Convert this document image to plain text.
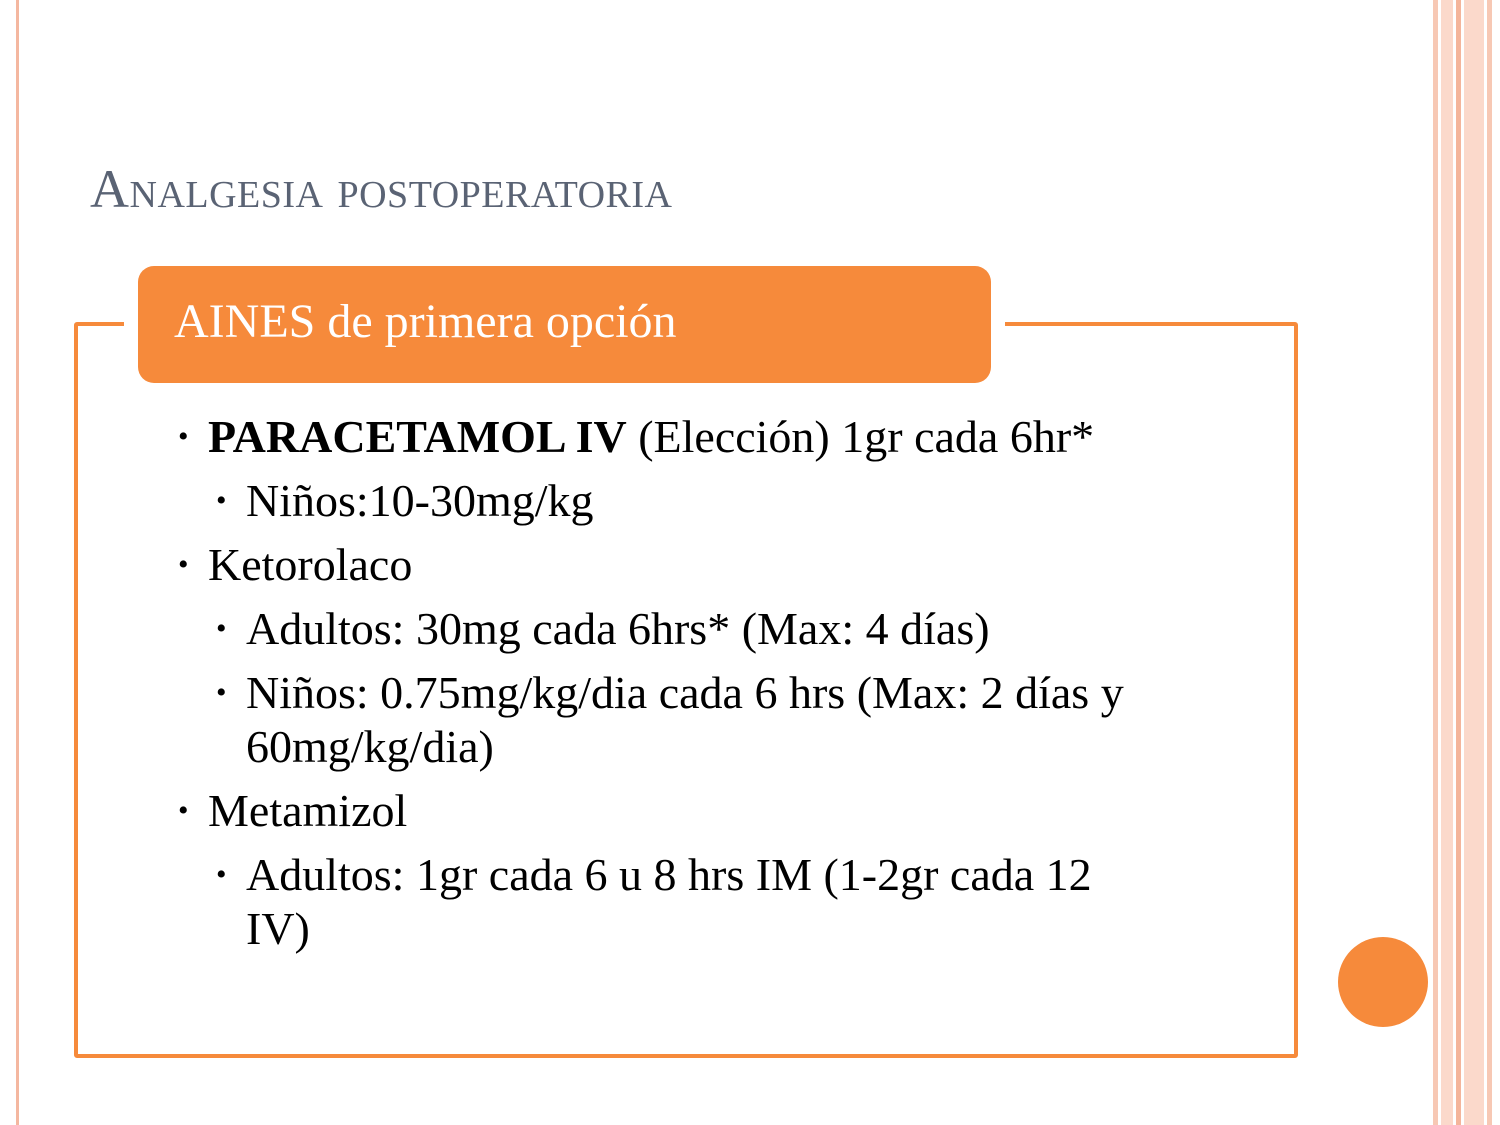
Analgesia postoperatoria
AINES de primera opción
• PARACETAMOL IV (Elección) 1gr cada 6hr*
• Niños:10-30mg/kg
• Ketorolaco
• Adultos: 30mg cada 6hrs* (Max: 4 días)
• Niños: 0.75mg/kg/dia cada 6 hrs (Max: 2 días y 60mg/kg/dia)
• Metamizol
• Adultos: 1gr cada 6 u 8 hrs IM (1-2gr cada 12 IV)
